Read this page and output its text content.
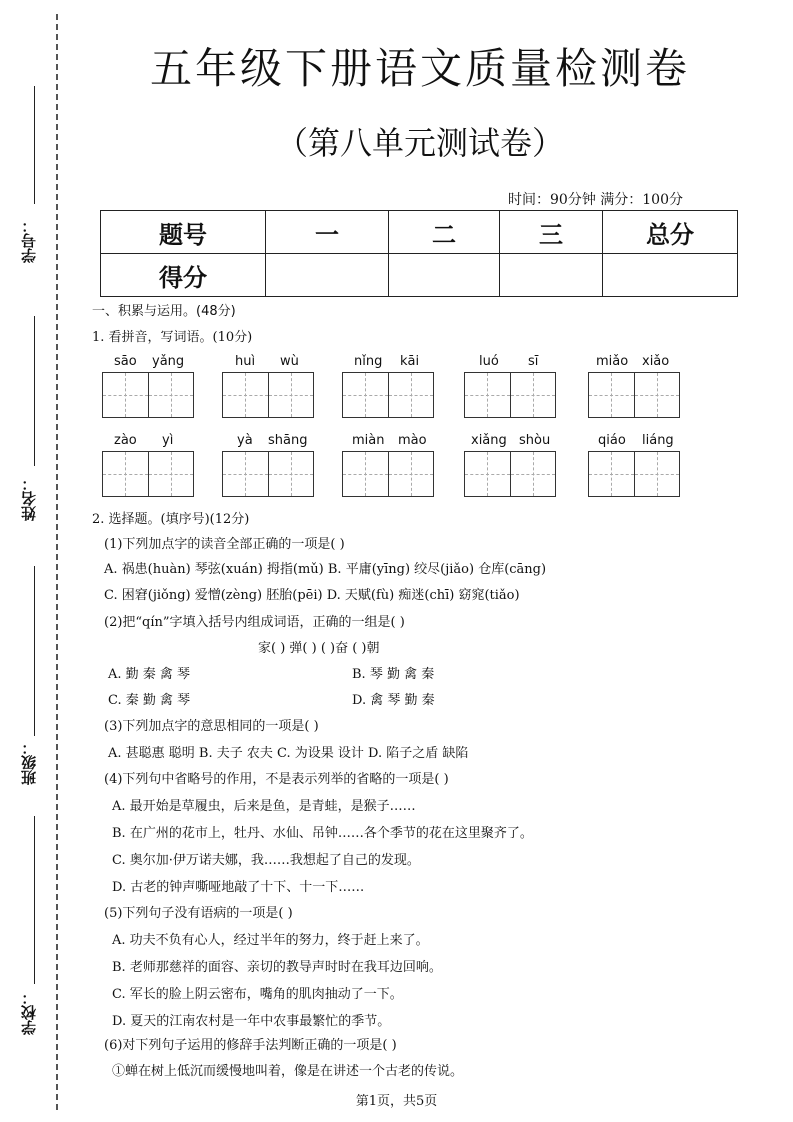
学号：
姓名：
班级：
学校：
五年级下册语文质量检测卷
（第八单元测试卷）
时间：90分钟 满分：100分
题号	一	二	三	总分
得分				
一、积累与运用。(48分)
1. 看拼音，写词语。(10分)
sāo yǎng	huì wù	nǐng kāi	luó sī	miǎo xiǎo
zào yì	yà shāng	miàn mào	xiǎng shòu	qiáo liáng
2. 选择题。(填序号)(12分)
(1)下列加点字的读音全部正确的一项是( )
A. 祸患(huàn) 琴弦(xuán) 拇指(mǔ) B. 平庸(yīng) 绞尽(jiǎo) 仓库(cāng)
C. 困窘(jiǒng) 爱憎(zèng) 胚胎(pēi) D. 天赋(fù) 痴迷(chī) 窈窕(tiǎo)
(2)把“qín”字填入括号内组成词语，正确的一组是( )
家( ) 弹( ) ( )奋 ( )朝
A. 勤 秦 禽 琴	B. 琴 勤 禽 秦
C. 秦 勤 禽 琴	D. 禽 琴 勤 秦
(3)下列加点字的意思相同的一项是( )
A. 甚聪惠 聪明 B. 夫子 农夫 C. 为设果 设计 D. 陷子之盾 缺陷
(4)下列句中省略号的作用，不是表示列举的省略的一项是( )
A. 最开始是草履虫，后来是鱼，是青蛙，是猴子……
B. 在广州的花市上，牡丹、水仙、吊钟……各个季节的花在这里聚齐了。
C. 奥尔加·伊万诺夫娜，我……我想起了自己的发现。
D. 古老的钟声嘶哑地敲了十下、十一下……
(5)下列句子没有语病的一项是( )
A. 功夫不负有心人，经过半年的努力，终于赶上来了。
B. 老师那慈祥的面容、亲切的教导声时时在我耳边回响。
C. 军长的脸上阴云密布，嘴角的肌肉抽动了一下。
D. 夏天的江南农村是一年中农事最繁忙的季节。
(6)对下列句子运用的修辞手法判断正确的一项是( )
①蝉在树上低沉而缓慢地叫着，像是在讲述一个古老的传说。
第1页，共5页
